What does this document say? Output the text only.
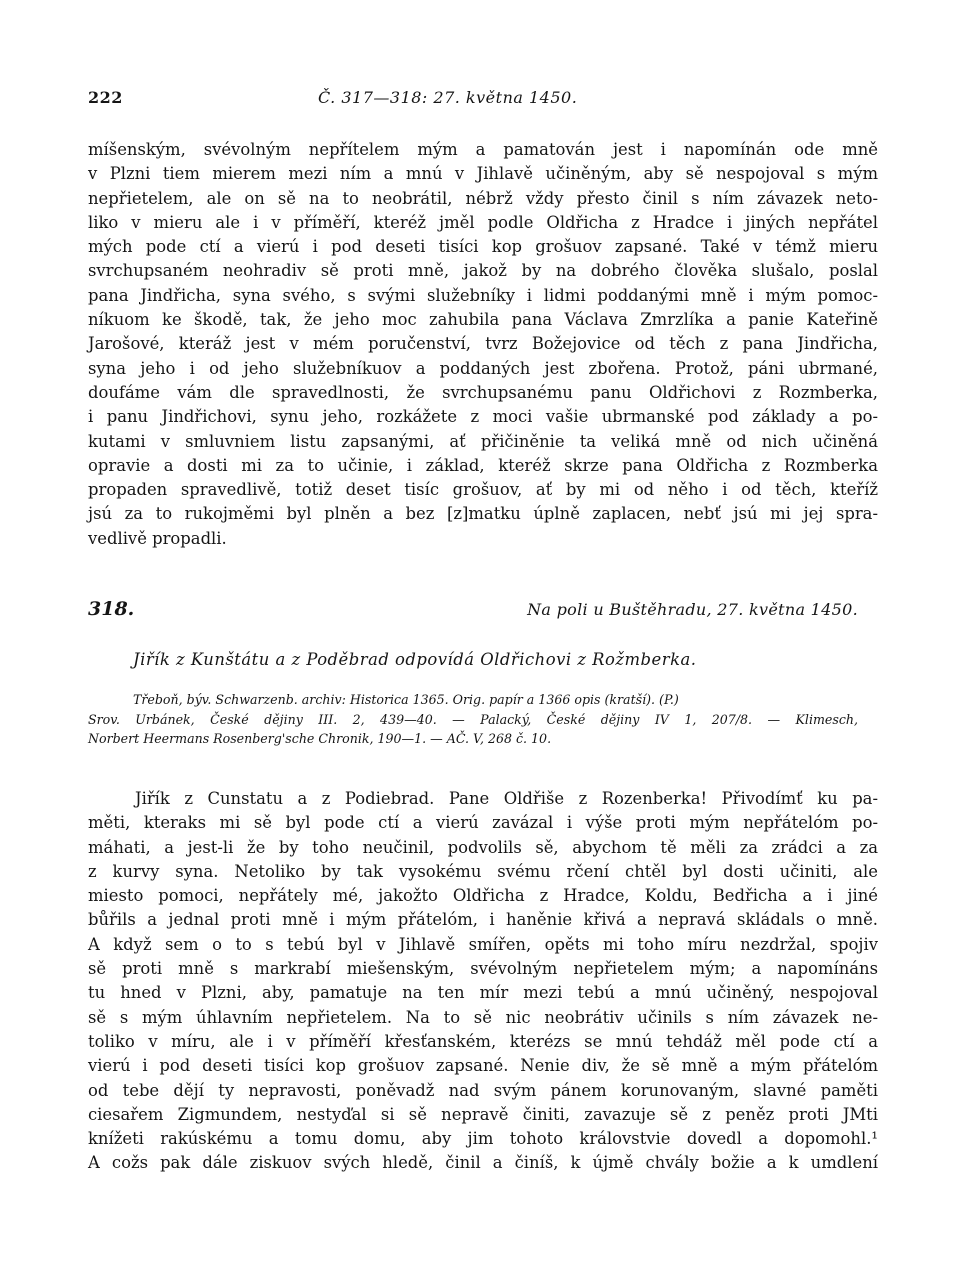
222	Č. 317—318: 27. května 1450.
míšenským, svévolným nepřítelem mým a pamatován jest i napomínán ode mně
v Plzni tiem mierem mezi ním a mnú v Jihlavě učiněným, aby sě nespojoval s mým
nepřietelem, ale on sě na to neobrátil, nébrž vždy přesto činil s ním závazek neto-
liko v mieru ale i v příměří, kteréž jměl podle Oldřicha z Hradce i jiných nepřátel
mých pode ctí a vierú i pod deseti tisíci kop grošuov zapsané. Také v témž mieru
svrchupsaném neohradiv sě proti mně, jakož by na dobrého člověka slušalo, poslal
pana Jindřicha, syna svého, s svými služebníky i lidmi poddanými mně i mým pomoc-
níkuom ke škodě, tak, že jeho moc zahubila pana Václava Zmrzlíka a panie Kateřině
Jarošové, kteráž jest v mém poručenství, tvrz Božejovice od těch z pana Jindřicha,
syna jeho i od jeho služebníkuov a poddaných jest zbořena. Protož, páni ubrmané,
doufáme vám dle spravedlnosti, že svrchupsanému panu Oldřichovi z Rozmberka,
i panu Jindřichovi, synu jeho, rozkážete z moci vašie ubrmanské pod základy a po-
kutami v smluvniem listu zapsanými, ať přičiněnie ta veliká mně od nich učiněná
opravie a dosti mi za to učinie, i základ, kteréž skrze pana Oldřicha z Rozmberka
propaden spravedlivě, totiž deset tisíc grošuov, ať by mi od něho i od těch, kteříž
jsú za to rukojměmi byl plněn a bez [z]matku úplně zaplacen, nebť jsú mi jej spra-
vedlivě propadli.
318.	Na poli u Buštěhradu, 27. května 1450.
Jiřík z Kunštátu a z Poděbrad odpovídá Oldřichovi z Rožmberka.
Třeboň, býv. Schwarzenb. archiv: Historica 1365. Orig. papír a 1366 opis (kratší). (P.)
Srov. Urbánek, České dějiny III. 2, 439—40. — Palacký, České dějiny IV 1, 207/8. — Klimesch,
Norbert Heermans Rosenberg'sche Chronik, 190—1. — AČ. V, 268 č. 10.
Jiřík z Cunstatu a z Podiebrad. Pane Oldřiše z Rozenberka! Přivodímť ku pa-
měti, kteraks mi sě byl pode ctí a vierú zavázal i výše proti mým nepřátelóm po-
máhati, a jest-li že by toho neučinil, podvolils sě, abychom tě měli za zrádci a za
z kurvy syna. Netoliko by tak vysokému svému rčení chtěl byl dosti učiniti, ale
miesto pomoci, nepřátely mé, jakožto Oldřicha z Hradce, Koldu, Bedřicha a i jiné
bůřils a jednal proti mně i mým přátelóm, i haněnie křivá a nepravá skládals o mně.
A když sem o to s tebú byl v Jihlavě smířen, opěts mi toho míru nezdržal, spojiv
sě proti mně s markrabí miešenským, svévolným nepřietelem mým; a napomínáns
tu hned v Plzni, aby, pamatuje na ten mír mezi tebú a mnú učiněný, nespojoval
sě s mým úhlavním nepřietelem. Na to sě nic neobrátiv učinils s ním závazek ne-
toliko v míru, ale i v příměří křesťanském, kterézs se mnú tehdáž měl pode ctí a
vierú i pod deseti tisíci kop grošuov zapsané. Nenie div, že sě mně a mým přátelóm
od tebe dějí ty nepravosti, poněvadž nad svým pánem korunovaným, slavné paměti
ciesařem Zigmundem, nestyďal si sě nepravě činiti, zavazuje sě z peněz proti JMti
knížeti rakúskému a tomu domu, aby jim tohoto královstvie dovedl a dopomohl.¹
A cožs pak dále ziskuov svých hledě, činil a činíš, k újmě chvály božie a k umdlení
